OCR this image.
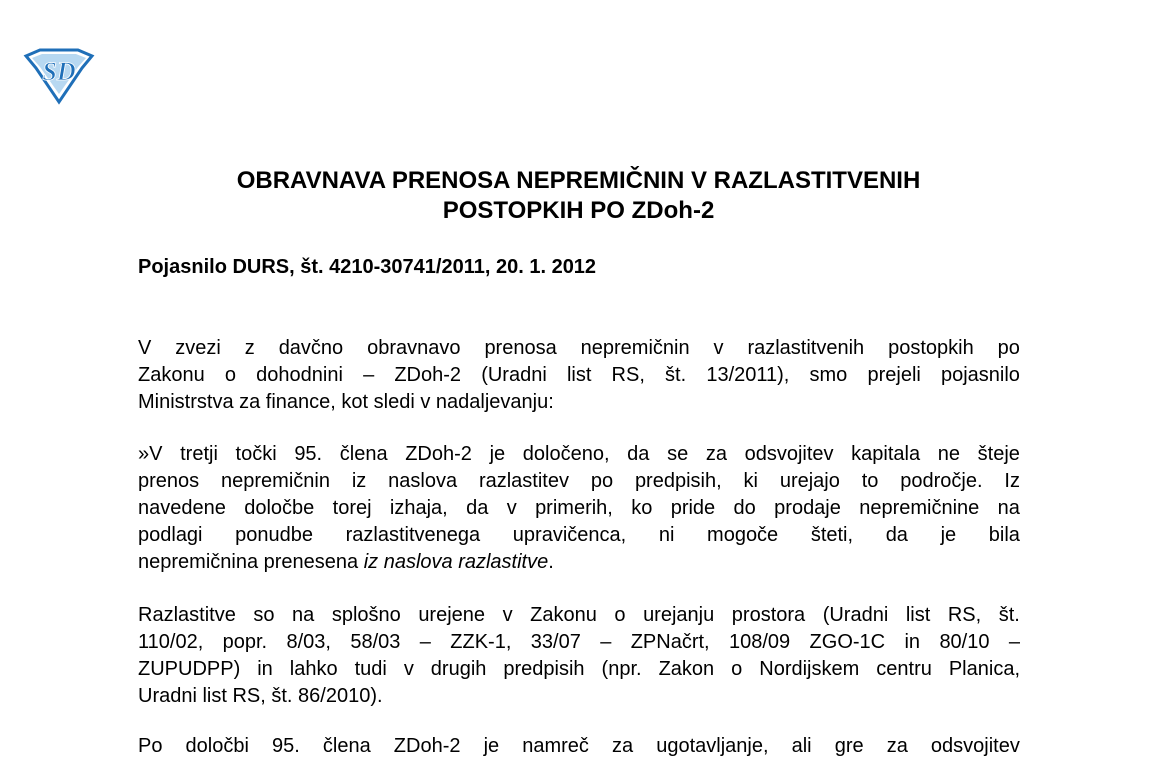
SD
OBRAVNAVA PRENOSA NEPREMIČNIN V RAZLASTITVENIH
POSTOPKIH PO ZDoh-2

Pojasnilo DURS, št. 4210-30741/2011, 20. 1. 2012

V zvezi z davčno obravnavo prenosa nepremičnin v razlastitvenih postopkih po
Zakonu o dohodnini – ZDoh-2 (Uradni list RS, št. 13/2011), smo prejeli pojasnilo
Ministrstva za finance, kot sledi v nadaljevanju:
»V tretji točki 95. člena ZDoh-2 je določeno, da se za odsvojitev kapitala ne šteje
prenos nepremičnin iz naslova razlastitev po predpisih, ki urejajo to področje. Iz
navedene določbe torej izhaja, da v primerih, ko pride do prodaje nepremičnine na
podlagi ponudbe razlastitvenega upravičenca, ni mogoče šteti, da je bila
nepremičnina prenesena iz naslova razlastitve.
Razlastitve so na splošno urejene v Zakonu o urejanju prostora (Uradni list RS, št.
110/02, popr. 8/03, 58/03 – ZZK-1, 33/07 – ZPNačrt, 108/09 ZGO-1C in 80/10 –
ZUPUDPP) in lahko tudi v drugih predpisih (npr. Zakon o Nordijskem centru Planica,
Uradni list RS, št. 86/2010).
Po določbi 95. člena ZDoh-2 je namreč za ugotavljanje, ali gre za odsvojitev
